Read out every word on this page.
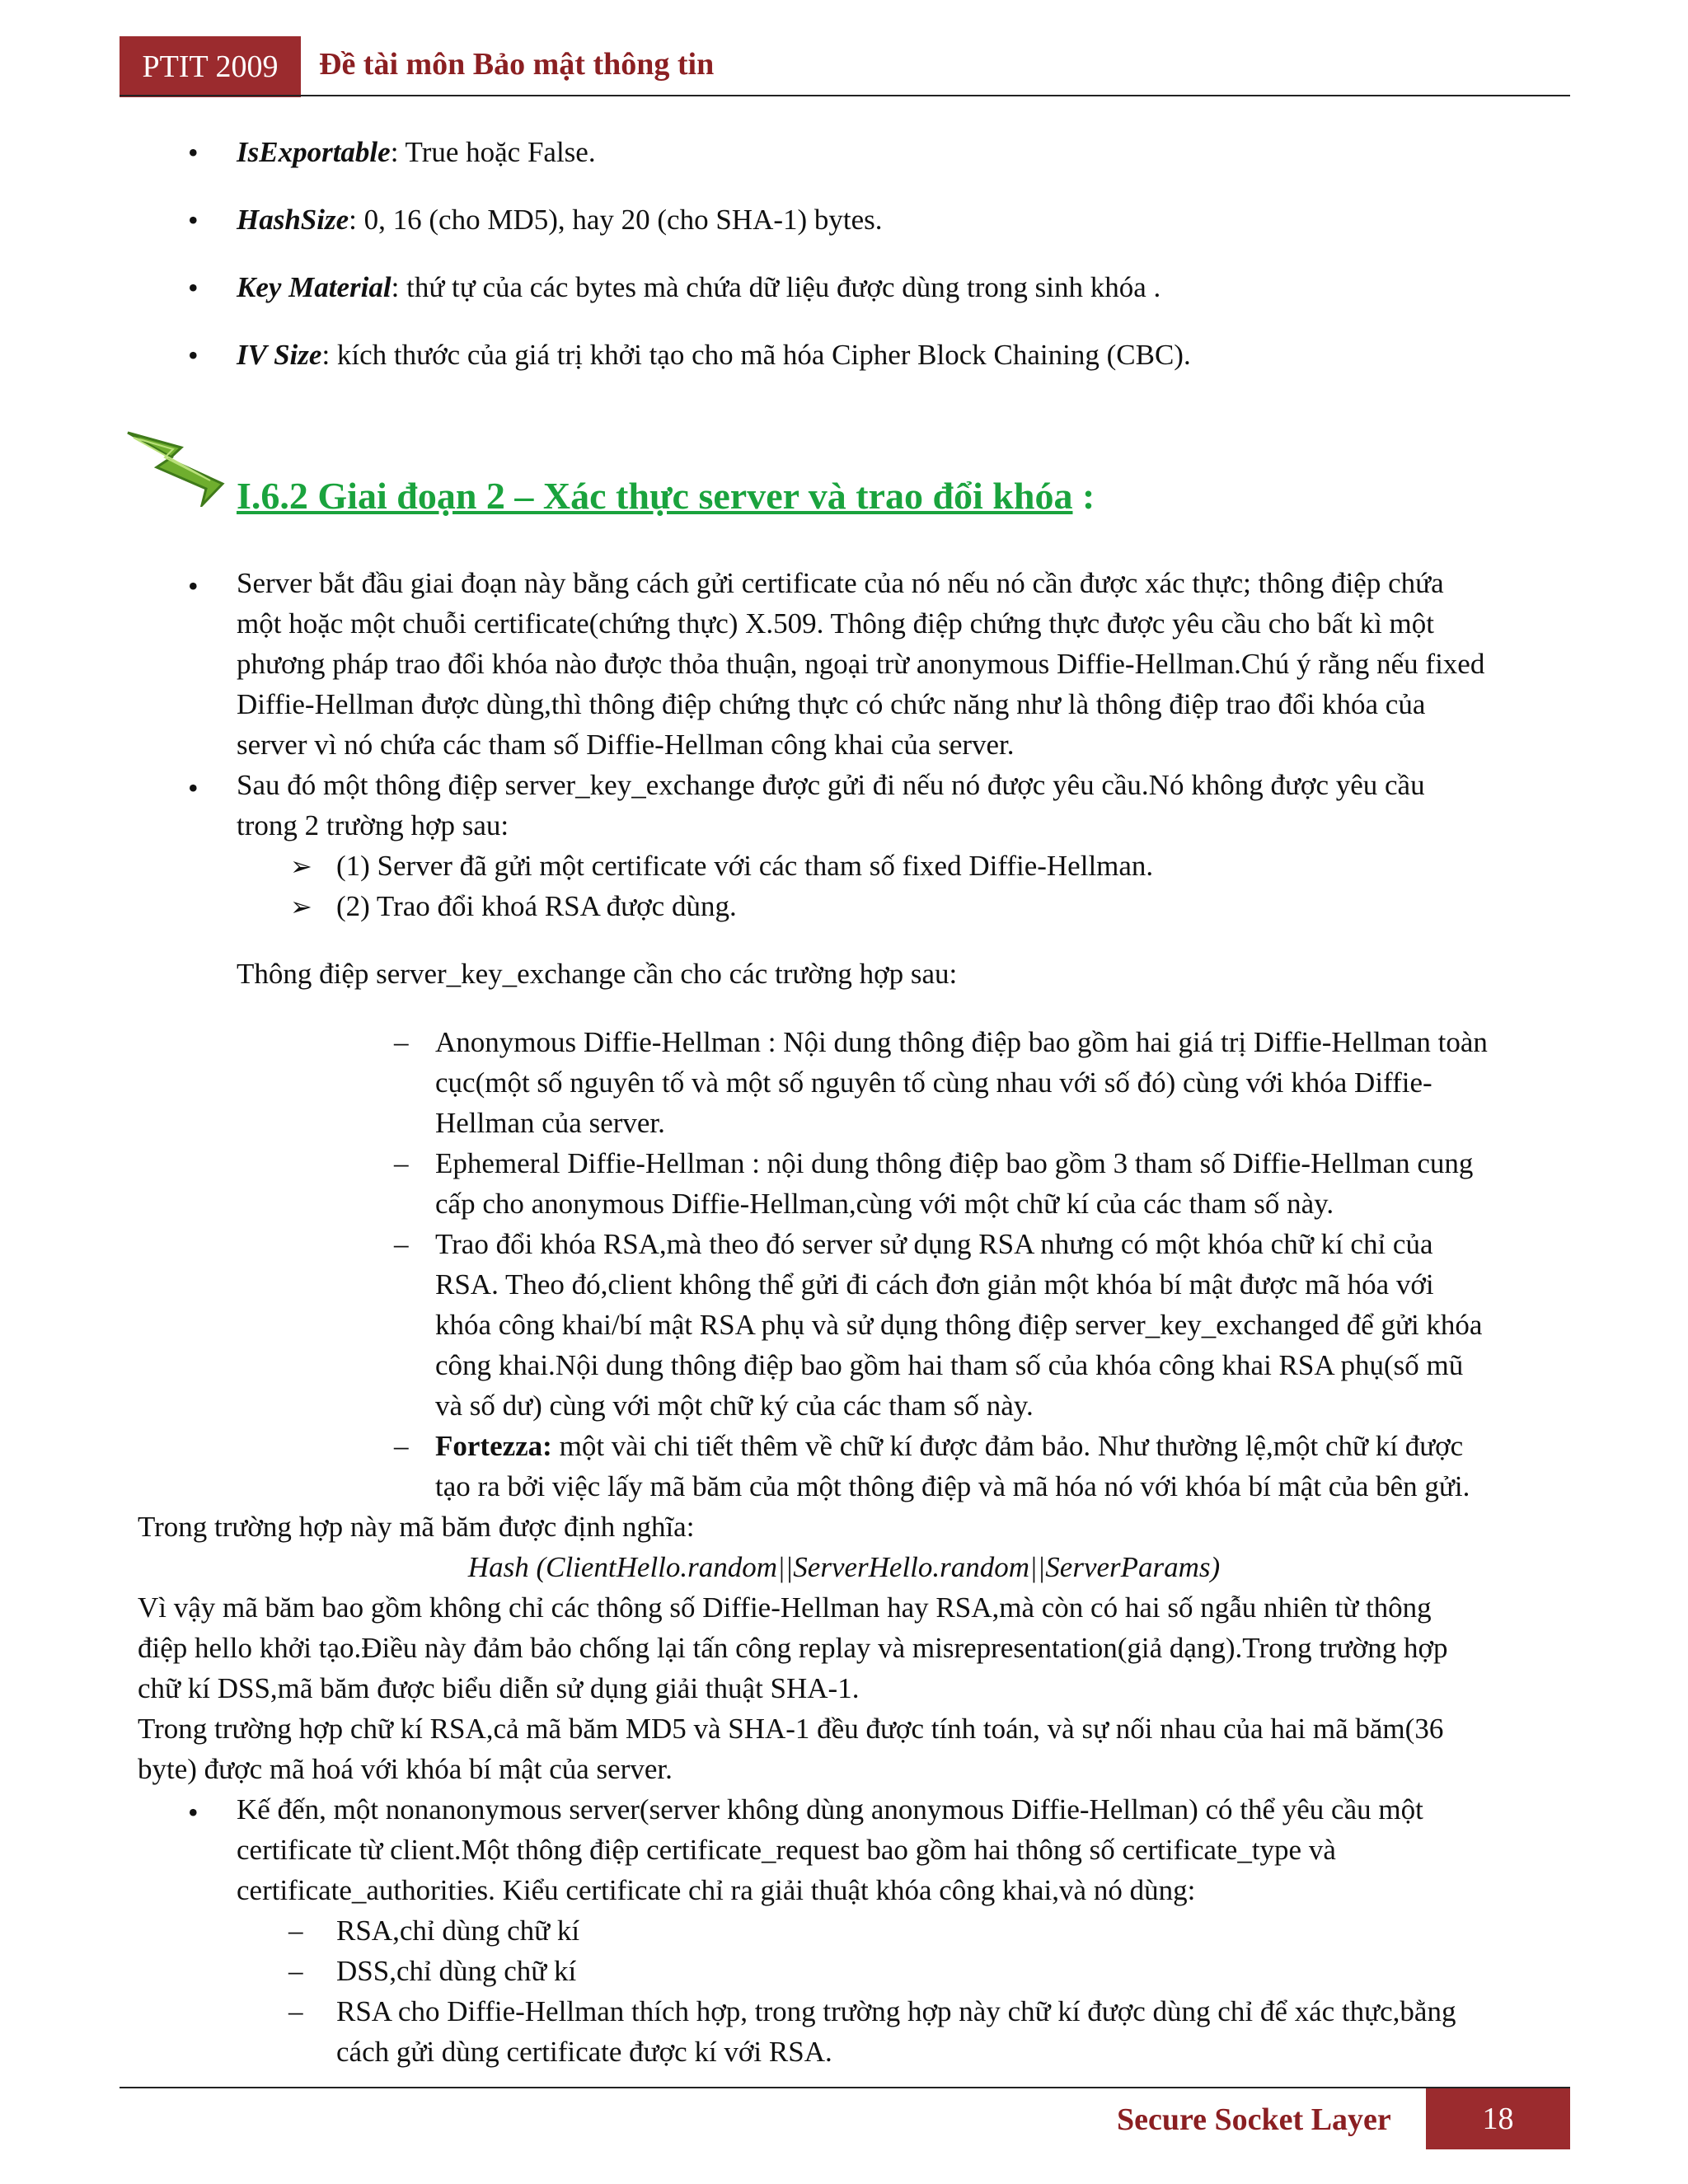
PTIT 2009	Đề tài môn Bảo mật thông tin
• IsExportable: True hoặc False.

• HashSize: 0, 16 (cho MD5), hay 20 (cho SHA-1) bytes.

• Key Material: thứ tự của các bytes mà chứa dữ liệu được dùng trong sinh khóa .

• IV Size: kích thước của giá trị khởi tạo cho mã hóa Cipher Block Chaining (CBC).

I.6.2 Giai đoạn 2 – Xác thực server và trao đổi khóa :

• Server bắt đầu giai đoạn này bằng cách gửi certificate của nó nếu nó cần được xác thực; thông điệp chứa

một hoặc một chuỗi certificate(chứng thực) X.509. Thông điệp chứng thực được yêu cầu cho bất kì một

phương pháp trao đổi khóa nào được thỏa thuận, ngoại trừ anonymous Diffie-Hellman.Chú ý rằng nếu fixed

Diffie-Hellman được dùng,thì thông điệp chứng thực có chức năng như là thông điệp trao đổi khóa của

server vì nó chứa các tham số Diffie-Hellman công khai của server.

• Sau đó một thông điệp server_key_exchange được gửi đi nếu nó được yêu cầu.Nó không được yêu cầu

trong 2 trường hợp sau:

➢ (1) Server đã gửi một certificate với các tham số fixed Diffie-Hellman.

➢ (2) Trao đổi khoá RSA được dùng.

Thông điệp server_key_exchange cần cho các trường hợp sau:

– Anonymous Diffie-Hellman : Nội dung thông điệp bao gồm hai giá trị Diffie-Hellman toàn

cục(một số nguyên tố và một số nguyên tố cùng nhau với số đó) cùng với khóa Diffie-

Hellman của server.

– Ephemeral Diffie-Hellman : nội dung thông điệp bao gồm 3 tham số Diffie-Hellman cung

cấp cho anonymous Diffie-Hellman,cùng với một chữ kí của các tham số này.

– Trao đổi khóa RSA,mà theo đó server sử dụng RSA nhưng có một khóa chữ kí chỉ của

RSA. Theo đó,client không thể gửi đi cách đơn giản một khóa bí mật được mã hóa với

khóa công khai/bí mật RSA phụ và sử dụng thông điệp server_key_exchanged để gửi khóa

công khai.Nội dung thông điệp bao gồm hai tham số của khóa công khai RSA phụ(số mũ

và số dư) cùng với một chữ ký của các tham số này.

– Fortezza: một vài chi tiết thêm về chữ kí được đảm bảo. Như thường lệ,một chữ kí được

tạo ra bởi việc lấy mã băm của một thông điệp và mã hóa nó với khóa bí mật của bên gửi.

Trong trường hợp này mã băm được định nghĩa:

Hash (ClientHello.random||ServerHello.random||ServerParams)

Vì vậy mã băm bao gồm không chỉ các thông số Diffie-Hellman hay RSA,mà còn có hai số ngẫu nhiên từ thông

điệp hello khởi tạo.Điều này đảm bảo chống lại tấn công replay và misrepresentation(giả dạng).Trong trường hợp

chữ kí DSS,mã băm được biểu diễn sử dụng giải thuật SHA-1.

Trong trường hợp chữ kí RSA,cả mã băm MD5 và SHA-1 đều được tính toán, và sự nối nhau của hai mã băm(36

byte) được mã hoá với khóa bí mật của server.

• Kế đến, một nonanonymous server(server không dùng anonymous Diffie-Hellman) có thể yêu cầu một

certificate từ client.Một thông điệp certificate_request bao gồm hai thông số certificate_type và

certificate_authorities. Kiểu certificate chỉ ra giải thuật khóa công khai,và nó dùng:

– RSA,chỉ dùng chữ kí

– DSS,chỉ dùng chữ kí

– RSA cho Diffie-Hellman thích hợp, trong trường hợp này chữ kí được dùng chỉ để xác thực,bằng

cách gửi dùng certificate được kí với RSA.

Secure Socket Layer	18
